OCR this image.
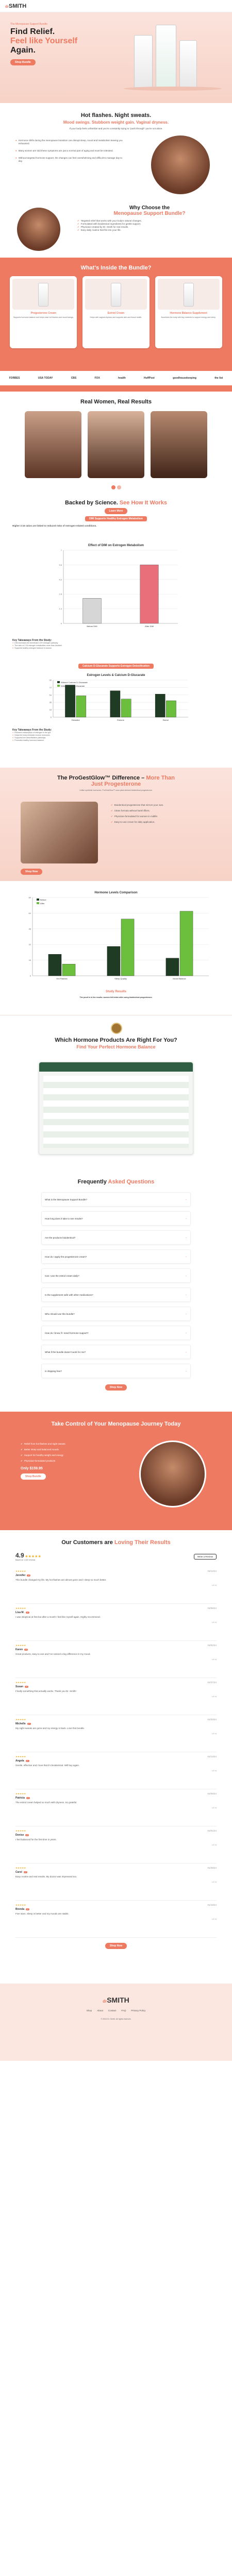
drSMITH
The Menopause Support Bundle
Find Relief.
Feel like Yourself
Again.
Shop Bundle
Hot flashes. Night sweats.
Mood swings. Stubborn weight gain. Vaginal dryness.
If your body feels unfamiliar and you're constantly trying to "push through" you're not alone.
● Hormone shifts during the menopause transition can disrupt sleep, mood and metabolism leaving you exhausted.
● Many women are told these symptoms are just a normal part of aging and must be tolerated.
● Without targeted hormone support, the changes can feel overwhelming and difficult to manage day to day.
Why Choose the
Menopause Support Bundle?
✔ Targeted relief that works with your body's natural changes.
✔ Formulated with bioidentical ingredients for gentle support.
✔ Physician-created by Dr. Smith for real results.
✔ Easy daily routine that fits into your life.
What's Inside the Bundle?
Progesterone Cream
Supports hormone balance and helps ease hot flashes and mood swings.
Estriol Cream
Helps with vaginal dryness and supports skin and tissue health.
Hormone Balance Supplement
Nourishes the body with key nutrients to support energy and sleep.
FORBES	USA TODAY	CBS	FOX	health	HuffPost	goodhousekeeping	the list
Real Women, Real Results
Backed by Science. See How It Works
Learn More
DIM Supports Healthy Estrogen Metabolism
Higher 2:16 ratios are linked to reduced risks of estrogen-related conditions.
Effect of DIM on Estrogen Metabolism
0
1.4
2.8
4.2
5.6
7
Before DIM	After DIM
Key Takeaways From the Study:
● DIM increases the beneficial 2-OH estrogen pathway.
● The ratio of 2:16 estrogen metabolites more than doubled.
● Supports healthy estrogen balance in women.
Calcium D-Glucarate Supports Estrogen Detoxification
Estrogen Levels & Calcium D-Glucarate
0
18
36
54
72
90
Estradiol	Estrone	Estriol
Without Calcium D-Glucarate
With Calcium D-Glucarate
Key Takeaways From the Study:
● Reduces reabsorption of estrogen in the gut.
● Helps the body eliminate excess hormones.
● Supports liver detoxification pathways.
● Promotes healthy hormone balance.
The ProGestGlow™ Difference – More Than
Just Progesterone
Unlike synthetic hormones, ProGestGlow™ uses plant-derived bioidentical progesterone.
✔ Bioidentical progesterone that mirrors your own.
✔ Clean formula without harsh fillers.
✔ Physician-formulated for women in midlife.
✔ Easy-to-use cream for daily application.
Shop Now
Hormone Levels Comparison
0
16
32
48
64
80
Hot Flashes	Sleep Quality	Mood Balance
Before
After
Study Results
The proof is in the results: women felt better after using bioidentical progesterone.
Which Hormone Products Are Right For You?
Find Your Perfect Hormone Balance
Frequently Asked Questions
What is the Menopause Support Bundle?	⌄
How long does it take to see results?	⌄
Are the products bioidentical?	⌄
How do I apply the progesterone cream?	⌄
Can I use the estriol cream daily?	⌄
Is the supplement safe with other medications?	⌄
Who should use this bundle?	⌄
How do I know if I need hormone support?	⌄
What if the bundle doesn't work for me?	⌄
Is shipping free?	⌄
Shop Now
Take Control of Your Menopause Journey Today
✔ Relief from hot flashes and night sweats
✔ Better sleep and balanced moods
✔ Support for healthy weight and energy
✔ Physician-formulated products
Only $159.95
Shop Bundle
Our Customers are Loving Their Results
4.9 ★★★★★
Based on 1,322 reviews
Write a Review
★★★★★	03/12/24
Jennifer	✔
This bundle changed my life. My hot flashes are almost gone and I sleep so much better.
👍︎ 👎︎
★★★★★	03/08/24
Lisa M.	✔
I was skeptical at first but after a month I feel like myself again. Highly recommend.
👍︎ 👎︎
★★★★★	03/02/24
Karen	✔
Great products, easy to use and I've noticed a big difference in my mood.
👍︎ 👎︎
★★★★★	02/27/24
Susan	✔
Finally something that actually works. Thank you Dr. Smith!
👍︎ 👎︎
★★★★★	02/20/24
Michelle	✔
My night sweats are gone and my energy is back. Love this bundle.
👍︎ 👎︎
★★★★★	02/14/24
Angela	✔
Gentle, effective and I love that it's bioidentical. Will buy again.
👍︎ 👎︎
★★★★★	02/09/24
Patricia	✔
The estriol cream helped so much with dryness. So grateful.
👍︎ 👎︎
★★★★★	02/01/24
Denise	✔
I feel balanced for the first time in years.
👍︎ 👎︎
★★★★★	01/25/24
Carol	✔
Easy routine and real results. My doctor was impressed too.
👍︎ 👎︎
★★★★★	01/18/24
Brenda	✔
Five stars. Sleep is better and my moods are stable.
👍︎ 👎︎
Shop Now
drSMITH
Shop About Contact FAQ Privacy Policy
© 2024 Dr. Smith. All rights reserved.
